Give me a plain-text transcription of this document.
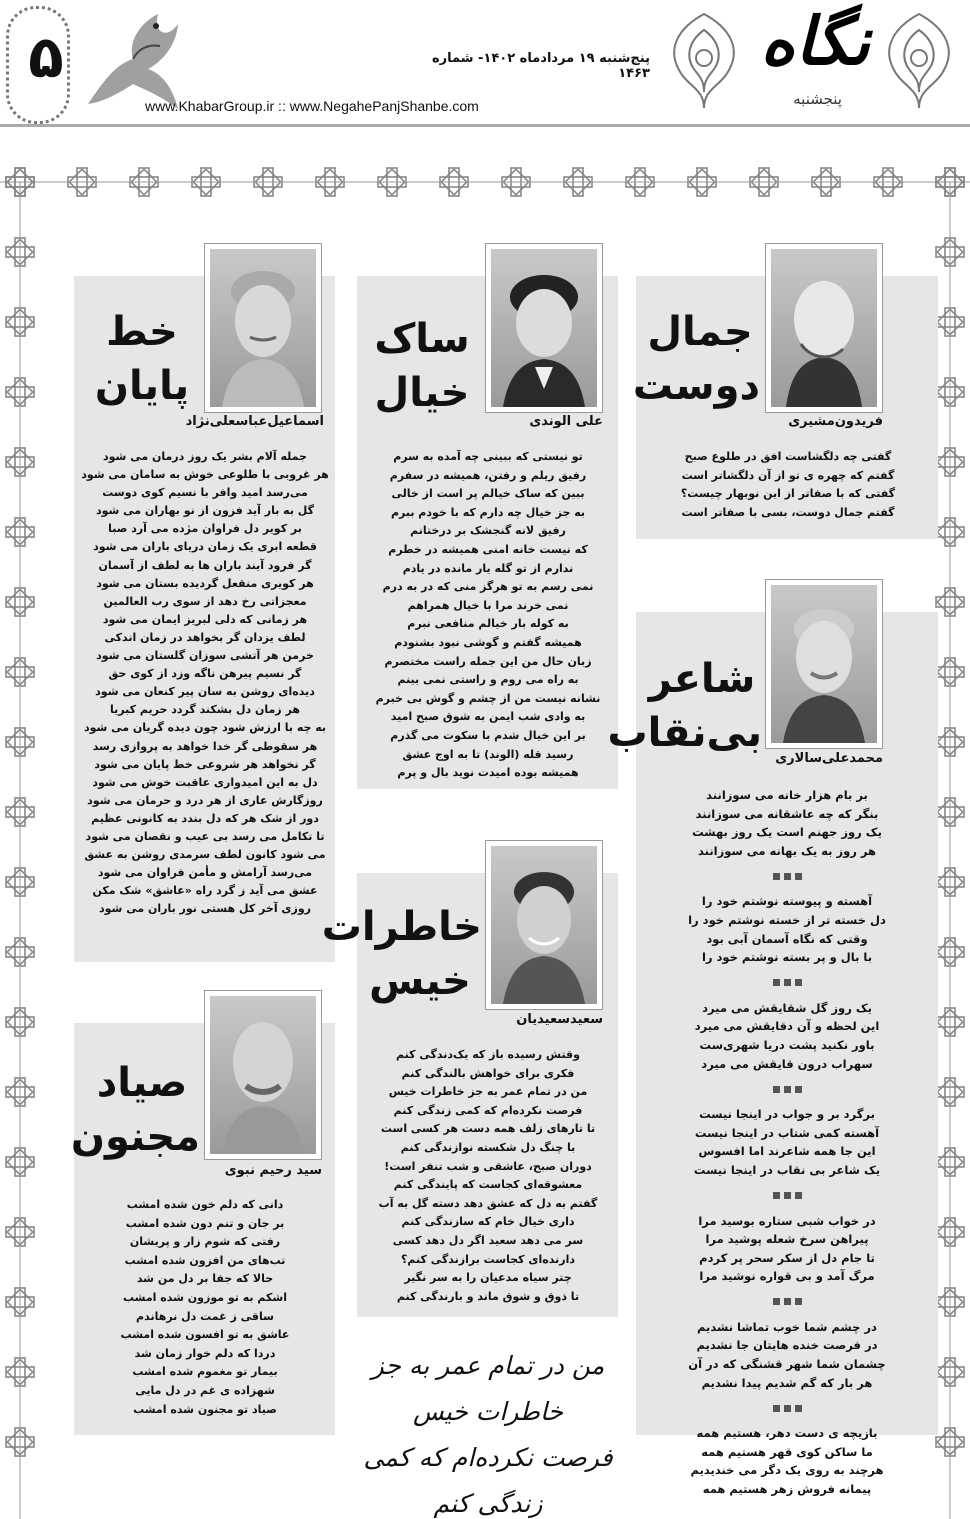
۵	پنج‌شنبه ۱۹ مرداد‌ماه ۱۴۰۲- شماره ۱۴۶۳
www.KhabarGroup.ir :: www.NegahePanjShanbe.com
نگاه
پنجشنبه
فریدون‌مشیری
جمال
دوست

گفتی چه دلگشاست افق در طلوع صبح

گفتم که چهره ی تو از آن دلگشاتر است

گفتی که با صفاتر از این نوبهار چیست؟

گفتم جمال دوست، بسی با صفاتر است

علی الوندی
ساک
خیال

تو نیستی که ببینی چه آمده به سرم

رفیق ریلم و رفتن، همیشه در سفرم

ببین که ساک خیالم پر است از خالی

به جز خیال چه دارم که با خودم ببرم

رفیق لانه گنجشک بر درختانم

که نیست خانه امنی همیشه در خطرم

ندارم از تو گله یار مانده در یادم

نمی رسم به تو هرگز منی که در به درم

نمی خرند مرا با خیال همراهم

به کوله بار خیالم منافعی نبرم

همیشه گفتم و گوشی نبود بشنودم

زبان حال من این جمله راست مختصرم

به راه می روم و راستی نمی بینم

نشانه نیست من از چشم و گوش بی خبرم

به وادی شب ایمن به شوق صبح امید

بر این خیال شدم با سکوت می گذرم

رسید قله (الوند) تا به اوج عشق

همیشه بوده امیدت نوید بال و پرم

اسماعیل‌عباسعلی‌نژاد
خط
پایان

جمله آلام بشر یک روز درمان می شود

هر غروبی با طلوعی خوش به سامان می شود

می‌رسد امید وافر با نسیم کوی دوست

گل به بار آید فزون از نو بهاران می شود

بر کویر دل فراوان مژده می آرد صبا

قطعه ابری یک زمان دریای باران می شود

گر فرود آیند باران ها به لطف از آسمان

هر کویری منقعل گردیده بستان می شود

معجزاتی رخ دهد از سوی رب العالمین

هر زمانی که دلی لبریز ایمان می شود

لطف یزدان گر بخواهد در زمان اندکی

خرمن هر آتشی سوزان گلستان می شود

گر نسیم پیرهن ناگه وزد از کوی حق

دیده‌ای روشن به سان پیر کنعان می شود

هر زمان دل بشکند گردد حریم کبریا

به چه با ارزش شود چون دیده گریان می شود

هر سقوطی گر خدا خواهد به پروازی رسد

گر نخواهد هر شروعی خط پایان می شود

دل به این امیدواری عاقبت خوش می شود

روزگارش عاری از هر درد و حرمان می شود

دور از شک هر که دل بندد به کانونی عظیم

تا تکامل می رسد بی عیب و نقصان می شود

می شود کانون لطف سرمدی روشن به عشق

می‌رسد آرامش و مأمن فراوان می شود

عشق می آید ز گرد راه «عاشق» شک مکن

روزی آخر کل هستی نور باران می شود

محمدعلی‌سالاری
شاعر
بی‌نقاب

بر بام هزار خانه می سوزانند

بنگر که چه عاشقانه می سوزانند

یک روز جهنم است یک روز بهشت

هر روز به یک بهانه می سوزانند

آهسته و پیوسته نوشتم خود را

دل خسته تر از خسته نوشتم خود را

وقتی که نگاه آسمان آبی بود

با بال و پر بسته نوشتم خود را

یک روز گل شقایقش می میرد

این لحظه و آن دقایقش می میرد

باور نکنید پشت دریا شهری‌ست

سهراب درون قایقش می میرد

برگرد بر و جواب در اینجا نیست

آهسته کمی شتاب در اینجا نیست

این جا همه شاعرند اما افسوس

یک شاعر بی نقاب در اینجا نیست

در خواب شبی ستاره بوسید مرا

پیراهن سرخ شعله پوشید مرا

تا جام دل از سکر سحر پر کردم

مرگ آمد و بی قواره نوشید مرا

در چشم شما خوب تماشا نشدیم

در فرصت خنده هایتان جا نشدیم

چشمان شما شهر قشنگی که در آن

هر بار که گم شدیم پیدا نشدیم

بازیچه ی دست دهر، هستیم همه

ما ساکن کوی قهر هستیم همه

هرچند به روی یک دگر می خندیدیم

پیمانه فروش زهر هستیم همه

سعید‌سعیدیان
خاطرات
خیس

وقتش رسیده باز که یک‌دندگی کنم

فکری برای خواهش بالندگی کنم

من در تمام عمر به جز خاطرات خیس

فرصت نکرده‌ام که کمی زندگی کنم

تا تارهای زلف همه دست هر کسی است

با چنگ دل شکسته نوازندگی کنم

دوران صبح، عاشقی و شب تنفر است!

معشوقه‌ای کجاست که پایندگی کنم

گفتم به دل که عشق دهد دسته گل به آب

داری خیال خام که سازندگی کنم

سر می دهد سعید اگر دل دهد کسی

دارنده‌ای کجاست برازندگی کنم؟

چتر سیاه مدعیان را به سر نگیر

تا ذوق و شوق ماند و بارندگی کنم

سید رحیم نبوی
صیاد
مجنون

دانی که دلم خون شده امشب

بر جان و تنم دون شده امشب

رفتی که شوم زار و پریشان

تب‌های من افزون شده امشب

حالا که جفا بر دل من شد

اشکم به تو موزون شده امشب

ساقی ز غمت دل نرهاندم

عاشق به تو افسون شده امشب

دردا که دلم خوار زمان شد

بیمار تو مغموم شده امشب

شهزاده ی غم در دل مایی

صیاد تو مجنون شده امشب

من در تمام عمر به جز خاطرات خیس
فرصت نکرده‌ام که کمی زندگی کنم
